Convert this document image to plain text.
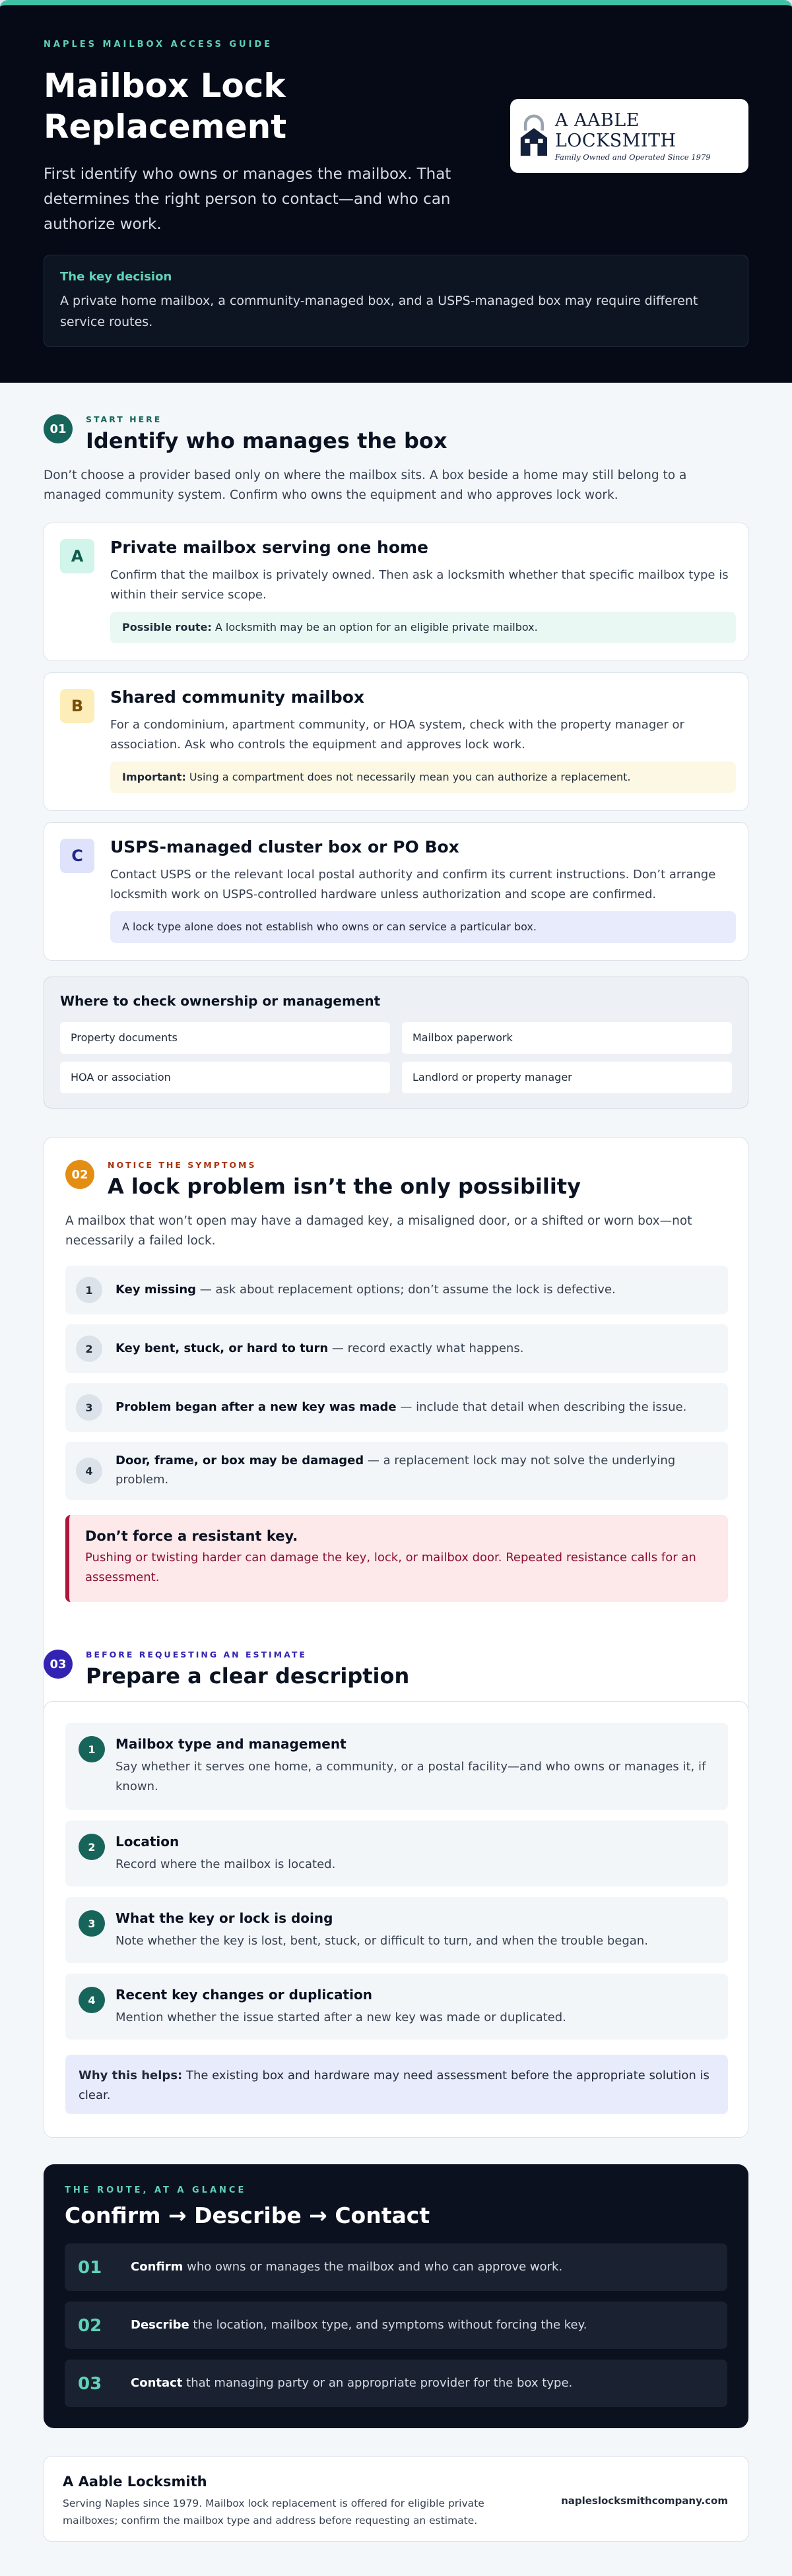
NAPLES MAILBOX ACCESS GUIDE
Mailbox Lock Replacement

First identify who owns or manages the mailbox. That determines the right person to contact—and who can authorize work.

A AABLE LOCKSMITH
Family Owned and Operated Since 1979
The key decision
A private home mailbox, a community-managed box, and a USPS-managed box may require different service routes.
01
START HERE
Identify who manages the box

Don’t choose a provider based only on where the mailbox sits. A box beside a home may still belong to a managed community system. Confirm who owns the equipment and who approves lock work.

A	Private mailbox serving one home
Confirm that the mailbox is privately owned. Then ask a locksmith whether that specific mailbox type is within their service scope.
Possible route: A locksmith may be an option for an eligible private mailbox.
B	Shared community mailbox
For a condominium, apartment community, or HOA system, check with the property manager or association. Ask who controls the equipment and approves lock work.
Important: Using a compartment does not necessarily mean you can authorize a replacement.
C	USPS-managed cluster box or PO Box
Contact USPS or the relevant local postal authority and confirm its current instructions. Don’t arrange locksmith work on USPS-controlled hardware unless authorization and scope are confirmed.
A lock type alone does not establish who owns or can service a particular box.
Where to check ownership or management
Property documents	Mailbox paperwork
HOA or association	Landlord or property manager
02
NOTICE THE SYMPTOMS
A lock problem isn’t the only possibility

A mailbox that won’t open may have a damaged key, a misaligned door, or a shifted or worn box—not necessarily a failed lock.

1	Key missing — ask about replacement options; don’t assume the lock is defective.
2	Key bent, stuck, or hard to turn — record exactly what happens.
3	Problem began after a new key was made — include that detail when describing the issue.
4
Door, frame, or box may be damaged — a replacement lock may not solve the underlying problem.
Don’t force a resistant key.
Pushing or twisting harder can damage the key, lock, or mailbox door. Repeated resistance calls for an assessment.
03
BEFORE REQUESTING AN ESTIMATE
Prepare a clear description
1	Mailbox type and management
Say whether it serves one home, a community, or a postal facility—and who owns or manages it, if known.
2	Location
Record where the mailbox is located.
3	What the key or lock is doing
Note whether the key is lost, bent, stuck, or difficult to turn, and when the trouble began.
4	Recent key changes or duplication
Mention whether the issue started after a new key was made or duplicated.
Why this helps: The existing box and hardware may need assessment before the appropriate solution is clear.
THE ROUTE, AT A GLANCE
Confirm → Describe → Contact
01 Confirm who owns or manages the mailbox and who can approve work.
02 Describe the location, mailbox type, and symptoms without forcing the key.
03 Contact that managing party or an appropriate provider for the box type.
A Aable Locksmith
Serving Naples since 1979. Mailbox lock replacement is offered for eligible private mailboxes; confirm the mailbox type and address before requesting an estimate.
napleslocksmithcompany.com
